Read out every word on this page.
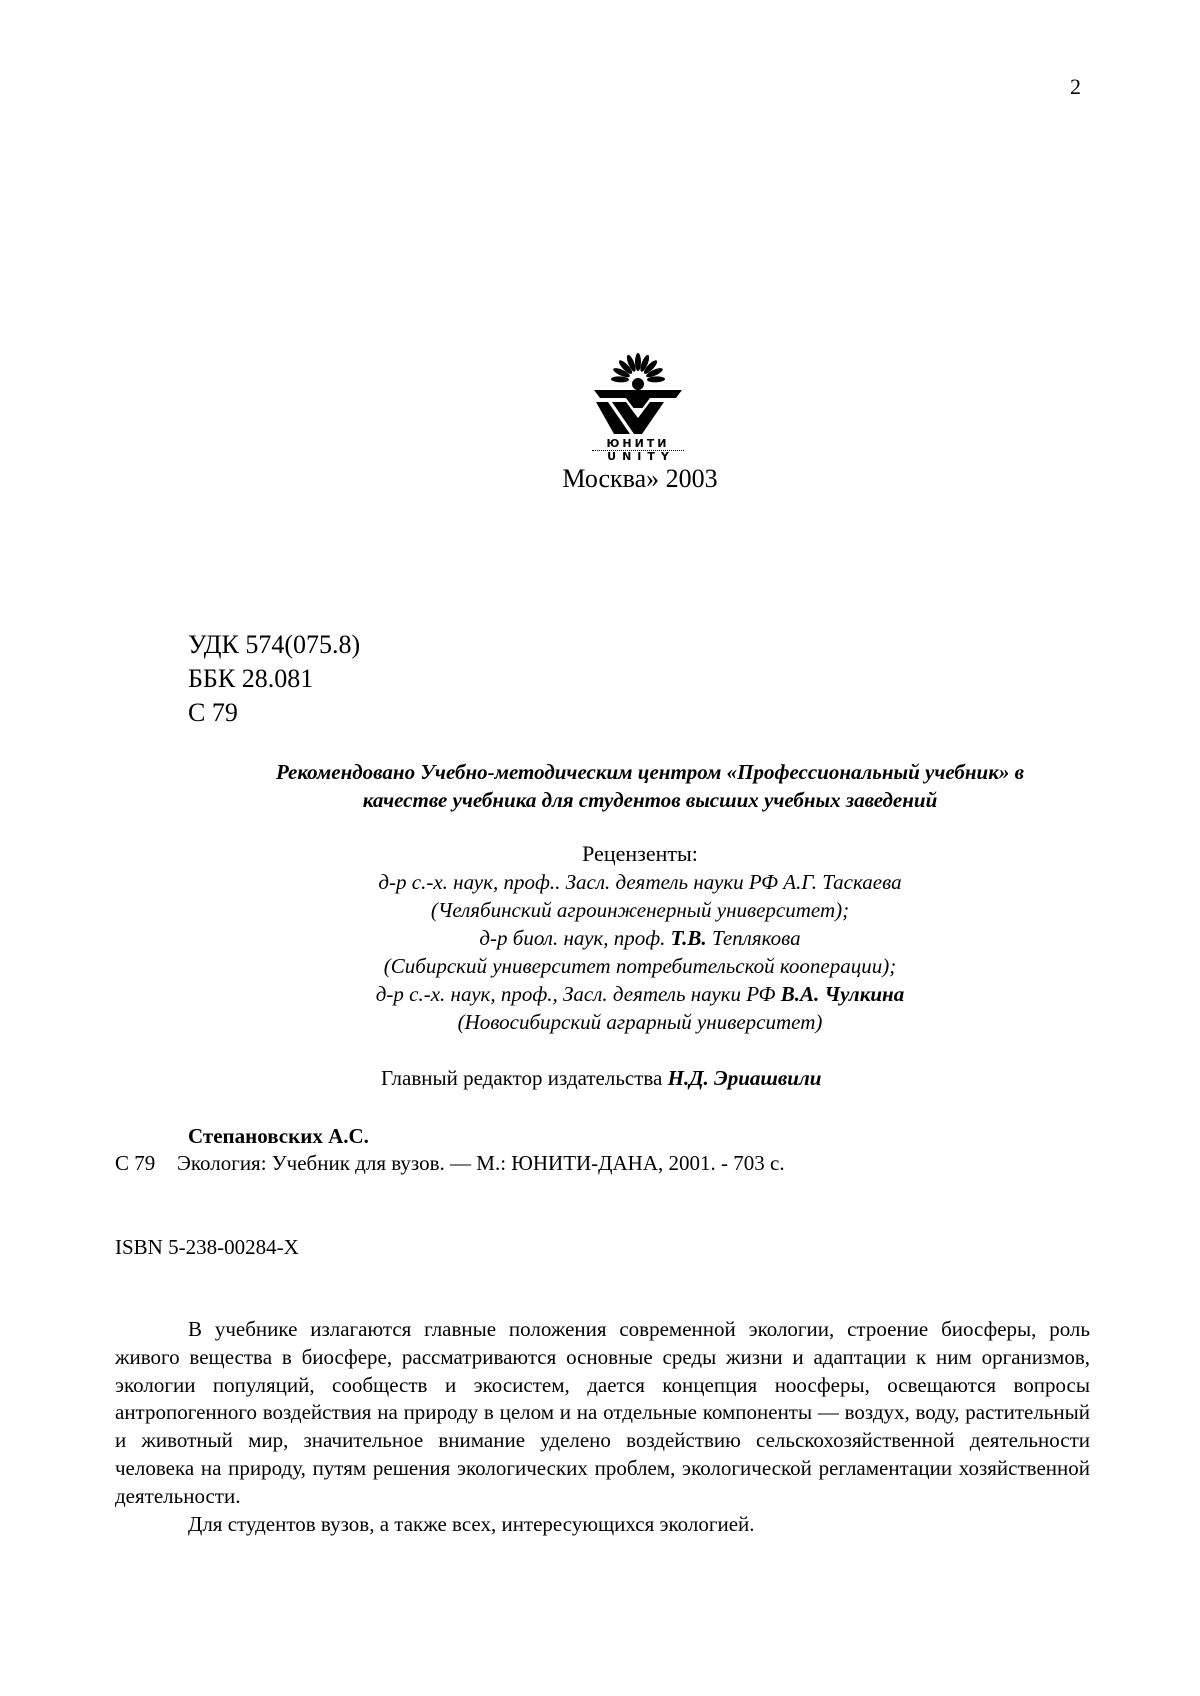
2
ЮНИТИ
UNITY
Москва» 2003
УДК 574(075.8)
ББК 28.081
С 79
Рекомендовано Учебно-методическим центром «Профессиональный учебник» в
качестве учебника для студентов высших учебных заведений
Рецензенты:
д-р с.-х. наук, проф.. Засл. деятель науки РФ А.Г. Таскаева
(Челябинский агроинженерный университет);
д-р биол. наук, проф. Т.В. Теплякова
(Сибирский университет потребительской кооперации);
д-р с.-х. наук, проф., Засл. деятель науки РФ В.А. Чулкина
(Новосибирский аграрный университет)
Главный редактор издательства Н.Д. Эриашвили
Степановских А.С.
С 79 Экология: Учебник для вузов. — М.: ЮНИТИ-ДАНА, 2001. - 703 с.
ISBN 5-238-00284-X

В учебнике излагаются главные положения современной экологии, строение биосферы, роль живого вещества в биосфере, рассматриваются основные среды жизни и адаптации к ним организмов, экологии популяций, сообществ и экосистем, дается концепция ноосферы, освещаются вопросы антропогенного воздействия на природу в целом и на отдельные компоненты — воздух, воду, растительный и животный мир, значительное внимание уделено воздействию сельскохозяйственной деятельности человека на природу, путям решения экологических проблем, экологической регламентации хозяйственной деятельности.

Для студентов вузов, а также всех, интересующихся экологией.
